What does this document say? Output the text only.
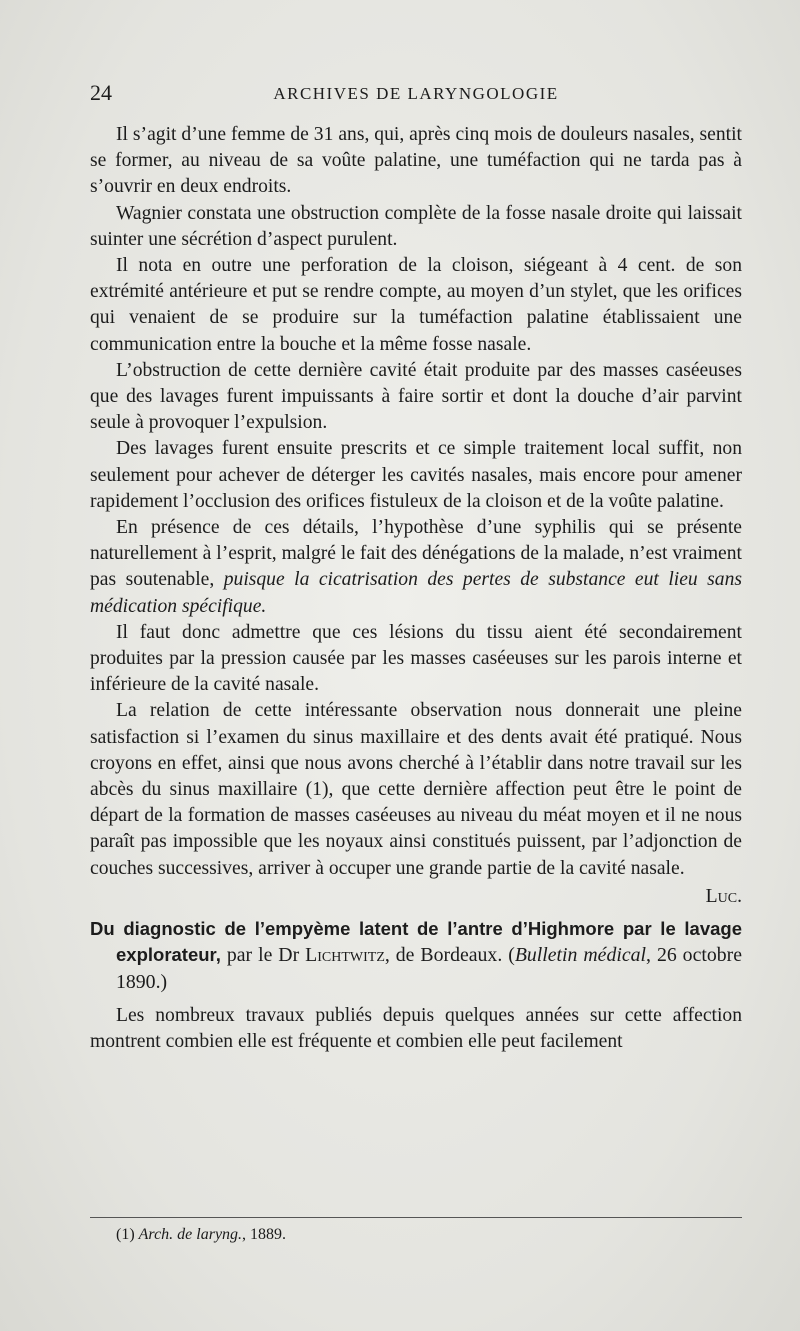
24	ARCHIVES DE LARYNGOLOGIE

Il s’agit d’une femme de 31 ans, qui, après cinq mois de douleurs nasales, sentit se former, au niveau de sa voûte palatine, une tuméfaction qui ne tarda pas à s’ouvrir en deux endroits.

Wagnier constata une obstruction complète de la fosse nasale droite qui laissait suinter une sécrétion d’aspect purulent.

Il nota en outre une perforation de la cloison, siégeant à 4 cent. de son extrémité antérieure et put se rendre compte, au moyen d’un stylet, que les orifices qui venaient de se produire sur la tuméfaction palatine établissaient une communication entre la bouche et la même fosse nasale.

L’obstruction de cette dernière cavité était produite par des masses caséeuses que des lavages furent impuissants à faire sortir et dont la douche d’air parvint seule à provoquer l’expulsion.

Des lavages furent ensuite prescrits et ce simple traitement local suffit, non seulement pour achever de déterger les cavités nasales, mais encore pour amener rapidement l’occlusion des orifices fistuleux de la cloison et de la voûte palatine.

En présence de ces détails, l’hypothèse d’une syphilis qui se présente naturellement à l’esprit, malgré le fait des dénégations de la malade, n’est vraiment pas soutenable, puisque la cicatrisation des pertes de substance eut lieu sans médication spécifique.

Il faut donc admettre que ces lésions du tissu aient été secondairement produites par la pression causée par les masses caséeuses sur les parois interne et inférieure de la cavité nasale.

La relation de cette intéressante observation nous donnerait une pleine satisfaction si l’examen du sinus maxillaire et des dents avait été pratiqué. Nous croyons en effet, ainsi que nous avons cherché à l’établir dans notre travail sur les abcès du sinus maxillaire (1), que cette dernière affection peut être le point de départ de la formation de masses caséeuses au niveau du méat moyen et il ne nous paraît pas impossible que les noyaux ainsi constitués puissent, par l’adjonction de couches successives, arriver à occuper une grande partie de la cavité nasale.

Luc.

Du diagnostic de l’empyème latent de l’antre d’Highmore par le lavage explorateur, par le Dr Lichtwitz, de Bordeaux. (Bulletin médical, 26 octobre 1890.)

Les nombreux travaux publiés depuis quelques années sur cette affection montrent combien elle est fréquente et combien elle peut facilement

(1) Arch. de laryng., 1889.
